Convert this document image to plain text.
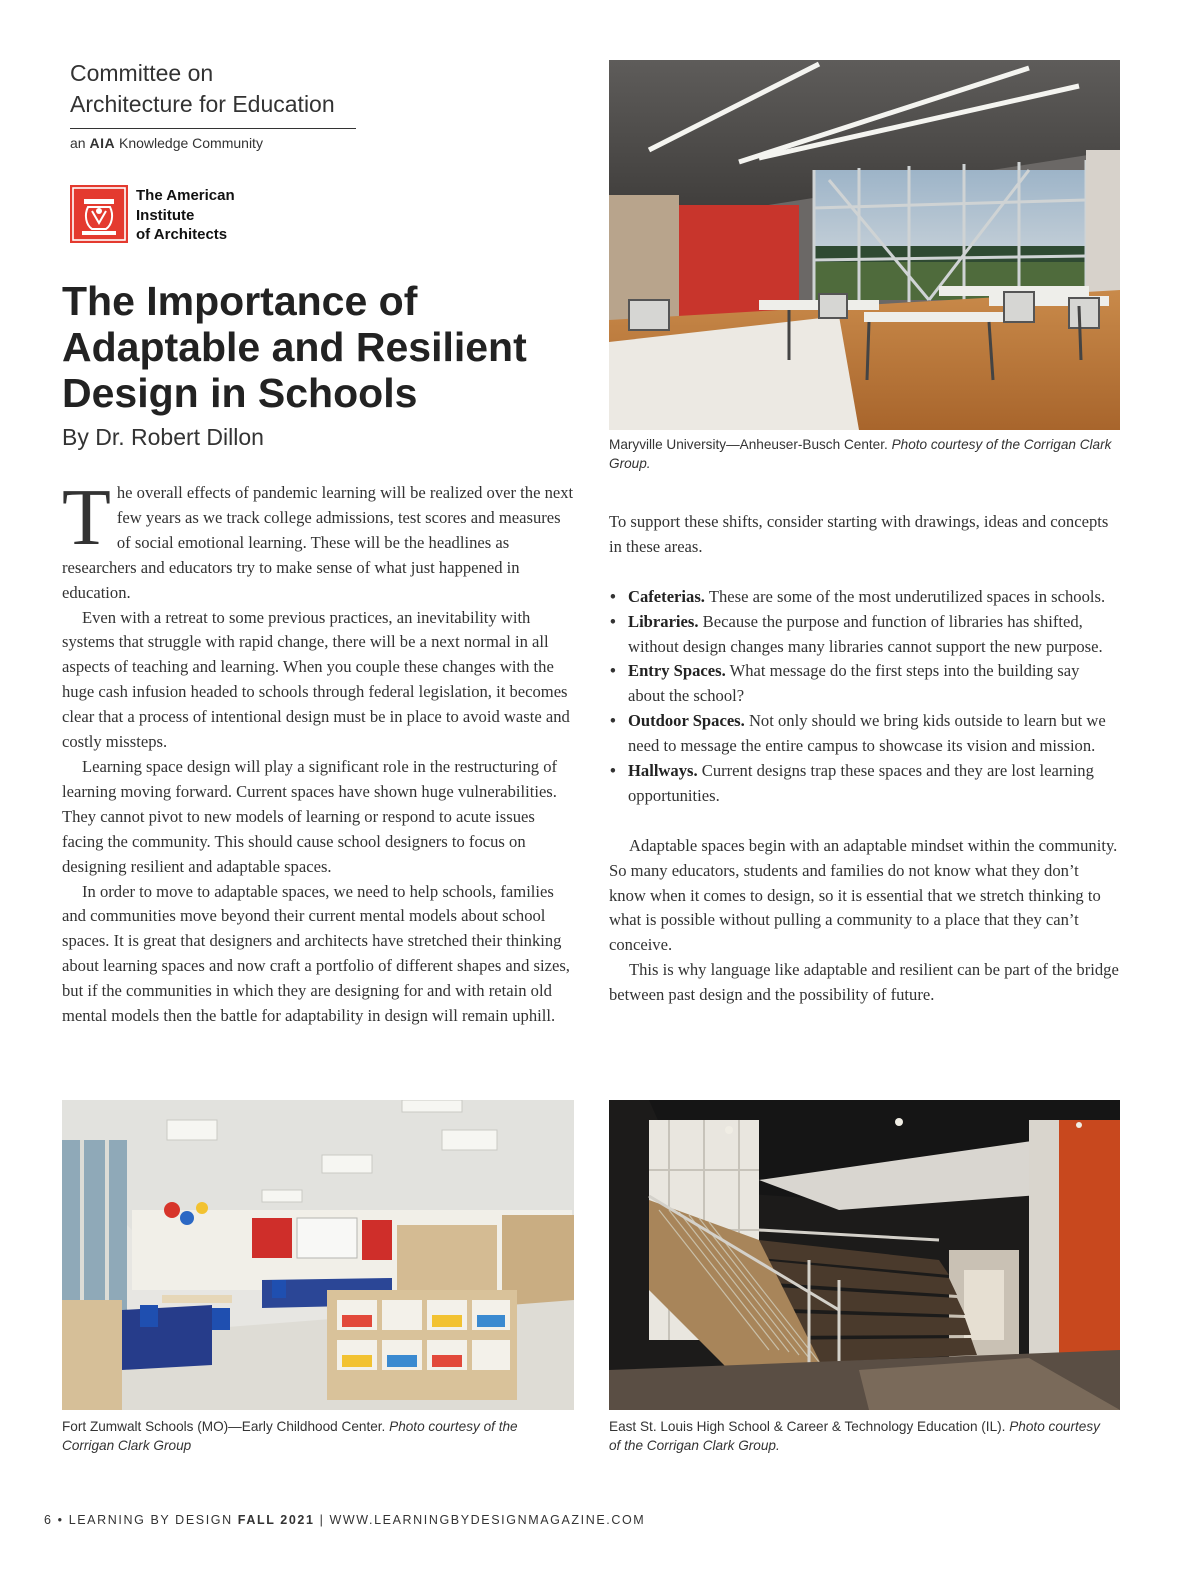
Committee on
Architecture for Education
an AIA Knowledge Community
The American
Institute
of Architects
The Importance of Adaptable and Resilient Design in Schools
By Dr. Robert Dillon

The overall effects of pandemic learning will be realized over the next few years as we track college admissions, test scores and measures of social emotional learning. These will be the headlines as researchers and educators try to make sense of what just happened in education.

Even with a retreat to some previous practices, an inevitability with systems that struggle with rapid change, there will be a next normal in all aspects of teaching and learning. When you couple these changes with the huge cash infusion headed to schools through federal legislation, it becomes clear that a process of intentional design must be in place to avoid waste and costly missteps.

Learning space design will play a significant role in the restructuring of learning moving forward. Current spaces have shown huge vulnerabilities. They cannot pivot to new models of learning or respond to acute issues facing the community. This should cause school designers to focus on designing resilient and adaptable spaces.

In order to move to adaptable spaces, we need to help schools, families and communities move beyond their current mental models about school spaces. It is great that designers and architects have stretched their thinking about learning spaces and now craft a portfolio of different shapes and sizes, but if the communities in which they are designing for and with retain old mental models then the battle for adaptability in design will remain uphill.

Maryville University—Anheuser-Busch Center. Photo courtesy of the Corrigan Clark Group.

To support these shifts, consider starting with drawings, ideas and concepts in these areas.

• Cafeterias. These are some of the most underutilized spaces in schools.
• Libraries. Because the purpose and function of libraries has shifted, without design changes many libraries cannot support the new purpose.
• Entry Spaces. What message do the first steps into the building say about the school?
• Outdoor Spaces. Not only should we bring kids outside to learn but we need to message the entire campus to showcase its vision and mission.
• Hallways. Current designs trap these spaces and they are lost learning opportunities.

Adaptable spaces begin with an adaptable mindset within the community. So many educators, students and families do not know what they don’t know when it comes to design, so it is essential that we stretch thinking to what is possible without pulling a community to a place that they can’t conceive.

This is why language like adaptable and resilient can be part of the bridge between past design and the possibility of future.

Fort Zumwalt Schools (MO)—Early Childhood Center. Photo courtesy of the Corrigan Clark Group
East St. Louis High School & Career & Technology Education (IL). Photo courtesy of the Corrigan Clark Group.
6 • LEARNING BY DESIGN FALL 2021 | WWW.LEARNINGBYDESIGNMAGAZINE.COM
